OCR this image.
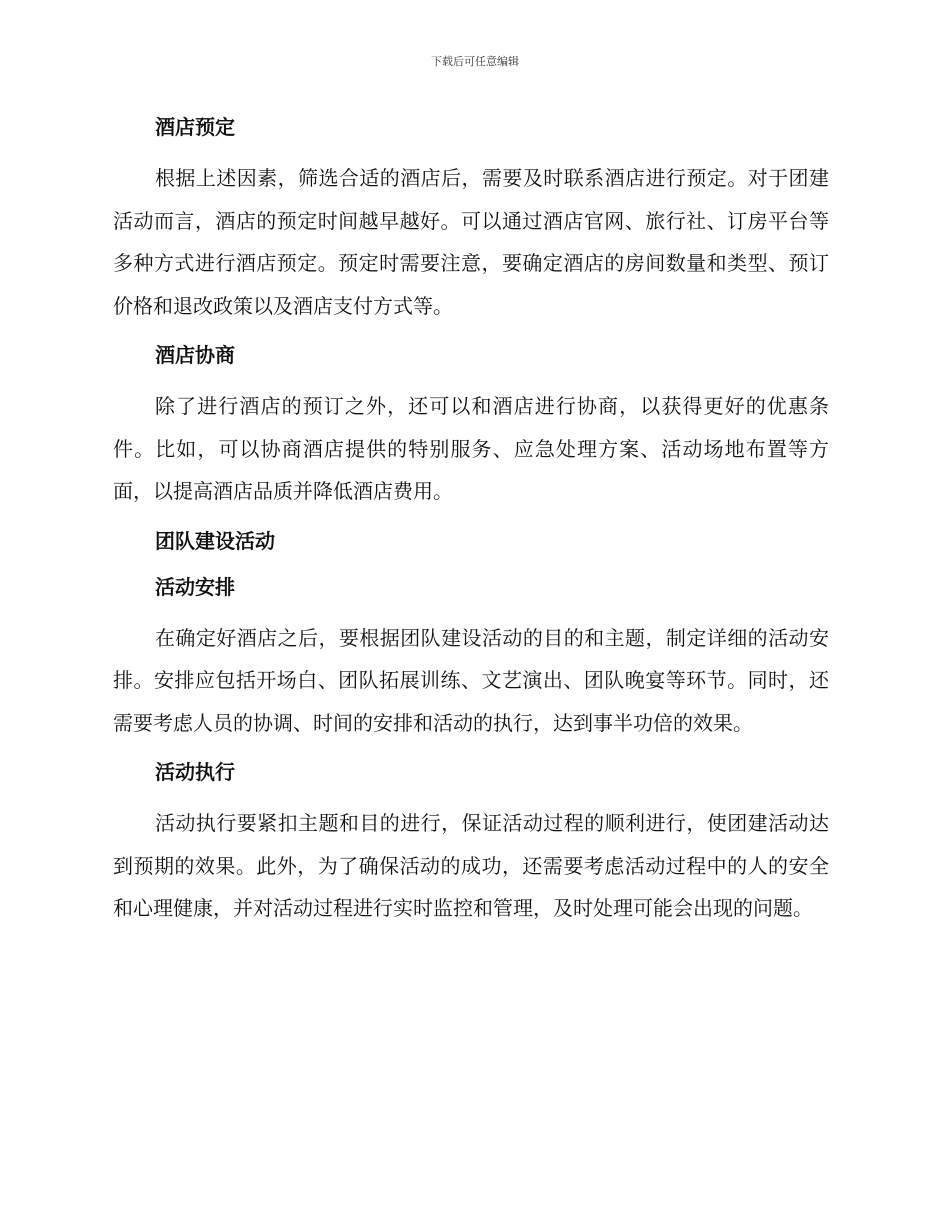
下载后可任意编辑
酒店预定

根据上述因素，筛选合适的酒店后，需要及时联系酒店进行预定。对于团建活动而言，酒店的预定时间越早越好。可以通过酒店官网、旅行社、订房平台等多种方式进行酒店预定。预定时需要注意，要确定酒店的房间数量和类型、预订价格和退改政策以及酒店支付方式等。

酒店协商

除了进行酒店的预订之外，还可以和酒店进行协商，以获得更好的优惠条件。比如，可以协商酒店提供的特别服务、应急处理方案、活动场地布置等方面，以提高酒店品质并降低酒店费用。

团队建设活动
活动安排

在确定好酒店之后，要根据团队建设活动的目的和主题，制定详细的活动安排。安排应包括开场白、团队拓展训练、文艺演出、团队晚宴等环节。同时，还需要考虑人员的协调、时间的安排和活动的执行，达到事半功倍的效果。

活动执行

活动执行要紧扣主题和目的进行，保证活动过程的顺利进行，使团建活动达到预期的效果。此外，为了确保活动的成功，还需要考虑活动过程中的人的安全和心理健康，并对活动过程进行实时监控和管理，及时处理可能会出现的问题。
